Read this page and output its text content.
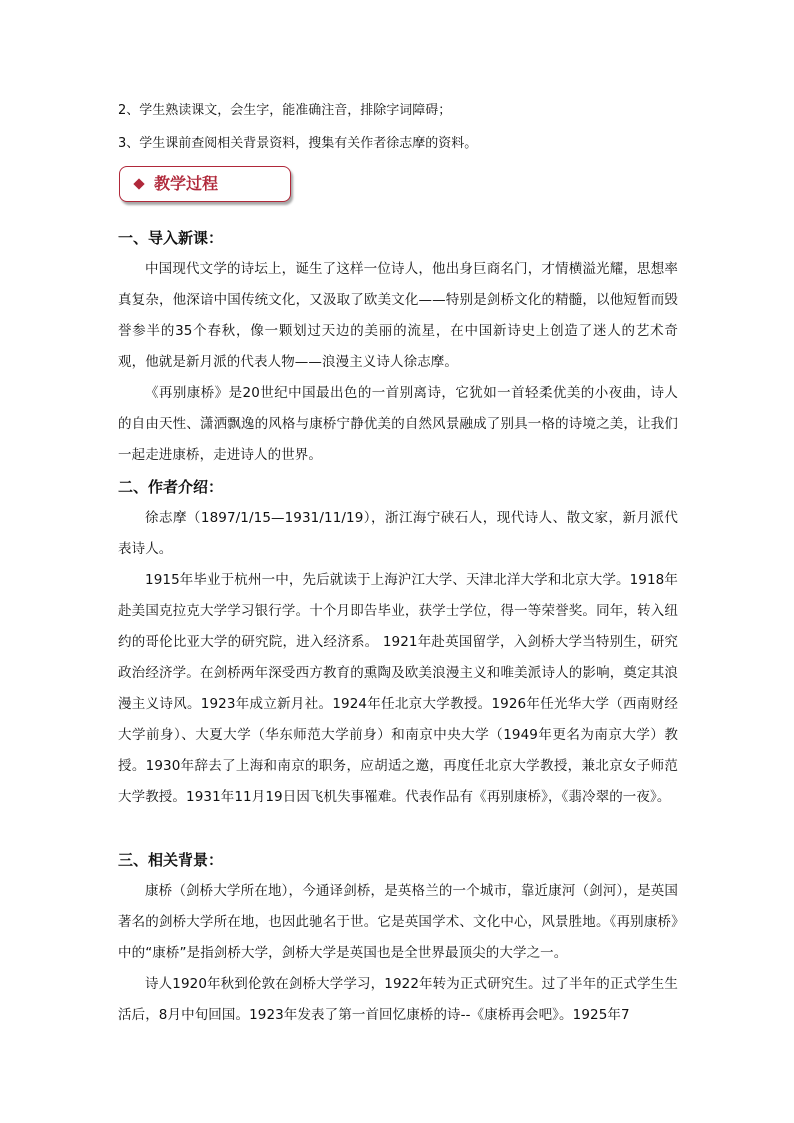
2、学生熟读课文，会生字，能准确注音，排除字词障碍；
3、学生课前查阅相关背景资料，搜集有关作者徐志摩的资料。
教学过程
一、导入新课：

中国现代文学的诗坛上，诞生了这样一位诗人，他出身巨商名门，才情横溢光耀，思想率真复杂，他深谙中国传统文化，又汲取了欧美文化——特别是剑桥文化的精髓，以他短暂而毁誉参半的35个春秋，像一颗划过天边的美丽的流星，在中国新诗史上创造了迷人的艺术奇观，他就是新月派的代表人物——浪漫主义诗人徐志摩。

《再别康桥》是20世纪中国最出色的一首别离诗，它犹如一首轻柔优美的小夜曲，诗人的自由天性、潇洒飘逸的风格与康桥宁静优美的自然风景融成了别具一格的诗境之美，让我们一起走进康桥，走进诗人的世界。

二、作者介绍：

徐志摩（1897/1/15—1931/11/19），浙江海宁硖石人，现代诗人、散文家，新月派代表诗人。

1915年毕业于杭州一中，先后就读于上海沪江大学、天津北洋大学和北京大学。1918年赴美国克拉克大学学习银行学。十个月即告毕业，获学士学位，得一等荣誉奖。同年，转入纽约的哥伦比亚大学的研究院，进入经济系。 1921年赴英国留学，入剑桥大学当特别生，研究政治经济学。在剑桥两年深受西方教育的熏陶及欧美浪漫主义和唯美派诗人的影响，奠定其浪漫主义诗风。1923年成立新月社。1924年任北京大学教授。1926年任光华大学（西南财经大学前身）、大夏大学（华东师范大学前身）和南京中央大学（1949年更名为南京大学）教授。1930年辞去了上海和南京的职务，应胡适之邀，再度任北京大学教授，兼北京女子师范大学教授。1931年11月19日因飞机失事罹难。代表作品有《再别康桥》，《翡冷翠的一夜》。

三、相关背景：

康桥（剑桥大学所在地），今通译剑桥，是英格兰的一个城市，靠近康河（剑河），是英国著名的剑桥大学所在地，也因此驰名于世。它是英国学术、文化中心，风景胜地。《再别康桥》中的“康桥”是指剑桥大学，剑桥大学是英国也是全世界最顶尖的大学之一。

诗人1920年秋到伦敦在剑桥大学学习，1922年转为正式研究生。过了半年的正式学生生活后，8月中旬回国。1923年发表了第一首回忆康桥的诗--《康桥再会吧》。1925年7
